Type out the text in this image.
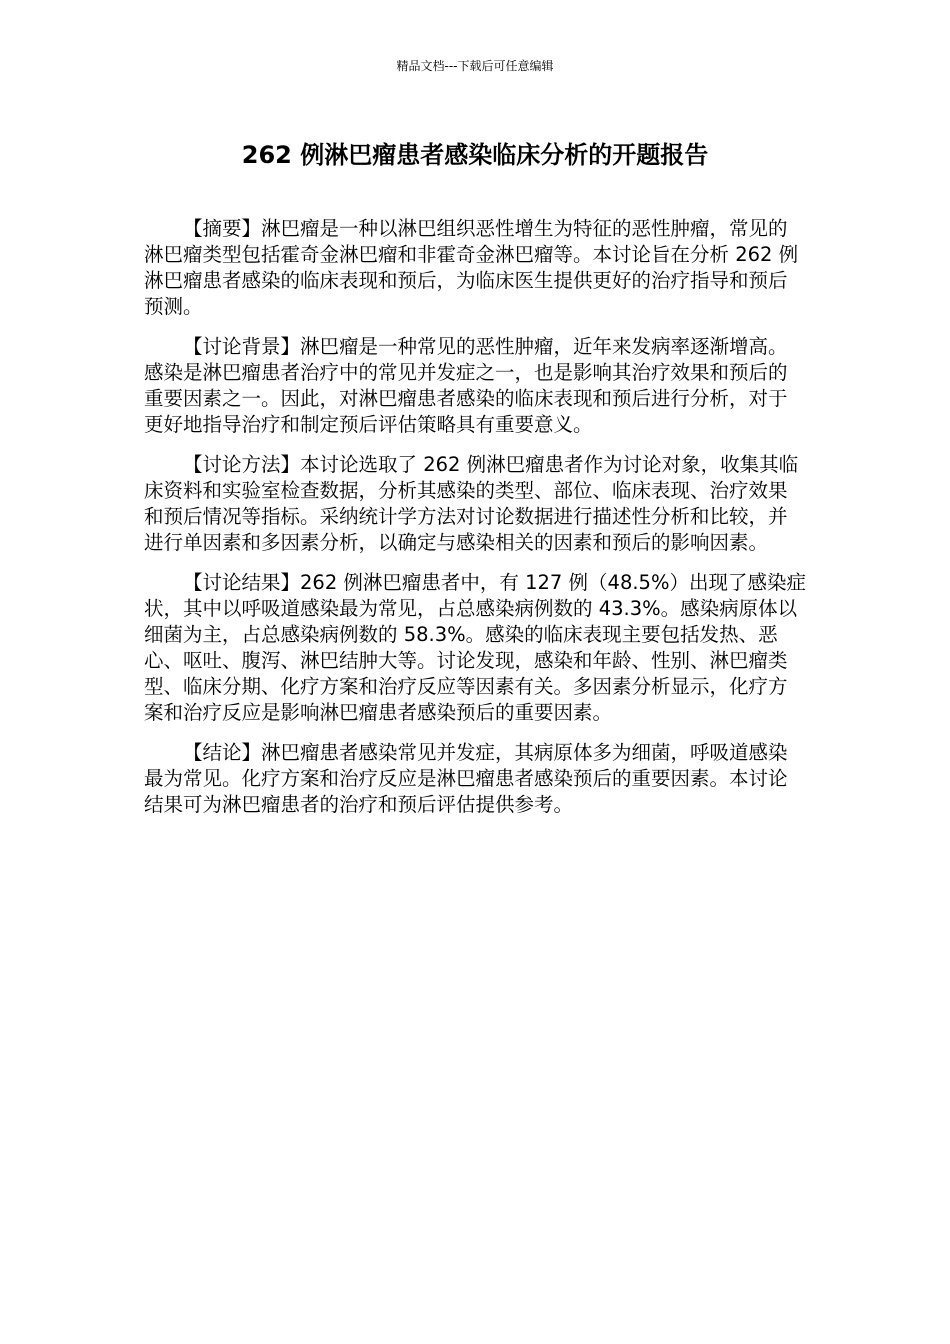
精品文档---下载后可任意编辑
262 例淋巴瘤患者感染临床分析的开题报告

【摘要】淋巴瘤是一种以淋巴组织恶性增生为特征的恶性肿瘤，常见的淋巴瘤类型包括霍奇金淋巴瘤和非霍奇金淋巴瘤等。本讨论旨在分析 262 例淋巴瘤患者感染的临床表现和预后，为临床医生提供更好的治疗指导和预后预测。

【讨论背景】淋巴瘤是一种常见的恶性肿瘤，近年来发病率逐渐增高。感染是淋巴瘤患者治疗中的常见并发症之一，也是影响其治疗效果和预后的重要因素之一。因此，对淋巴瘤患者感染的临床表现和预后进行分析，对于更好地指导治疗和制定预后评估策略具有重要意义。

【讨论方法】本讨论选取了 262 例淋巴瘤患者作为讨论对象，收集其临床资料和实验室检查数据，分析其感染的类型、部位、临床表现、治疗效果和预后情况等指标。采纳统计学方法对讨论数据进行描述性分析和比较，并进行单因素和多因素分析，以确定与感染相关的因素和预后的影响因素。

【讨论结果】262 例淋巴瘤患者中，有 127 例（48.5%）出现了感染症状，其中以呼吸道感染最为常见，占总感染病例数的 43.3%。感染病原体以细菌为主，占总感染病例数的 58.3%。感染的临床表现主要包括发热、恶心、呕吐、腹泻、淋巴结肿大等。讨论发现，感染和年龄、性别、淋巴瘤类型、临床分期、化疗方案和治疗反应等因素有关。多因素分析显示，化疗方案和治疗反应是影响淋巴瘤患者感染预后的重要因素。

【结论】淋巴瘤患者感染常见并发症，其病原体多为细菌，呼吸道感染最为常见。化疗方案和治疗反应是淋巴瘤患者感染预后的重要因素。本讨论结果可为淋巴瘤患者的治疗和预后评估提供参考。
